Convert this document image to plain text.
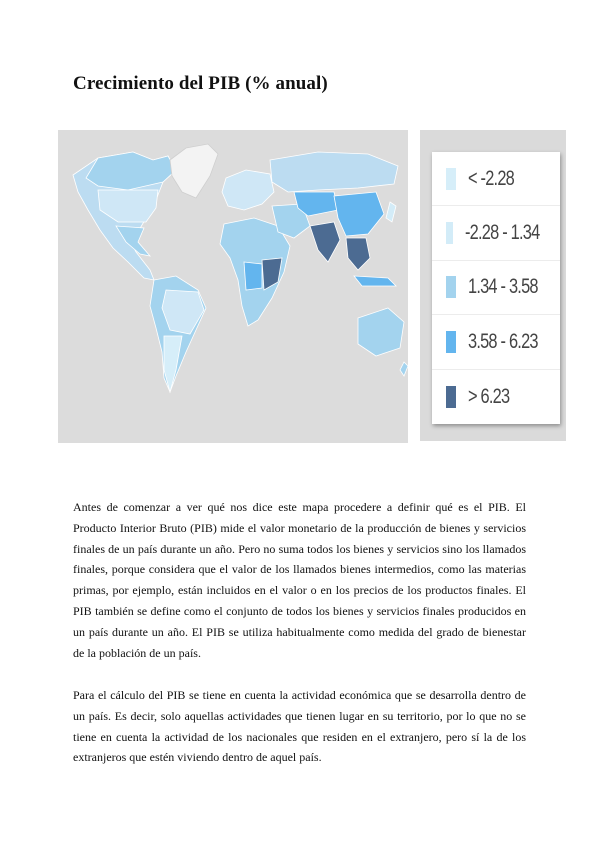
Crecimiento del PIB (% anual)
< -2.28
-2.28 - 1.34
1.34 - 3.58
3.58 - 6.23
> 6.23

Antes de comenzar a ver qué nos dice este mapa procedere a definir qué es el PIB. El Producto Interior Bruto (PIB) mide el valor monetario de la producción de bienes y servicios finales de un país durante un año. Pero no suma todos los bienes y servicios sino los llamados finales, porque considera que el valor de los llamados bienes intermedios, como las materias primas, por ejemplo, están incluidos en el valor o en los precios de los productos finales. El PIB también se define como el conjunto de todos los bienes y servicios finales producidos en un país durante un año. El PIB se utiliza habitualmente como medida del grado de bienestar de la población de un país.

Para el cálculo del PIB se tiene en cuenta la actividad económica que se desarrolla dentro de un país. Es decir, solo aquellas actividades que tienen lugar en su territorio, por lo que no se tiene en cuenta la actividad de los nacionales que residen en el extranjero, pero sí la de los extranjeros que estén viviendo dentro de aquel país.
